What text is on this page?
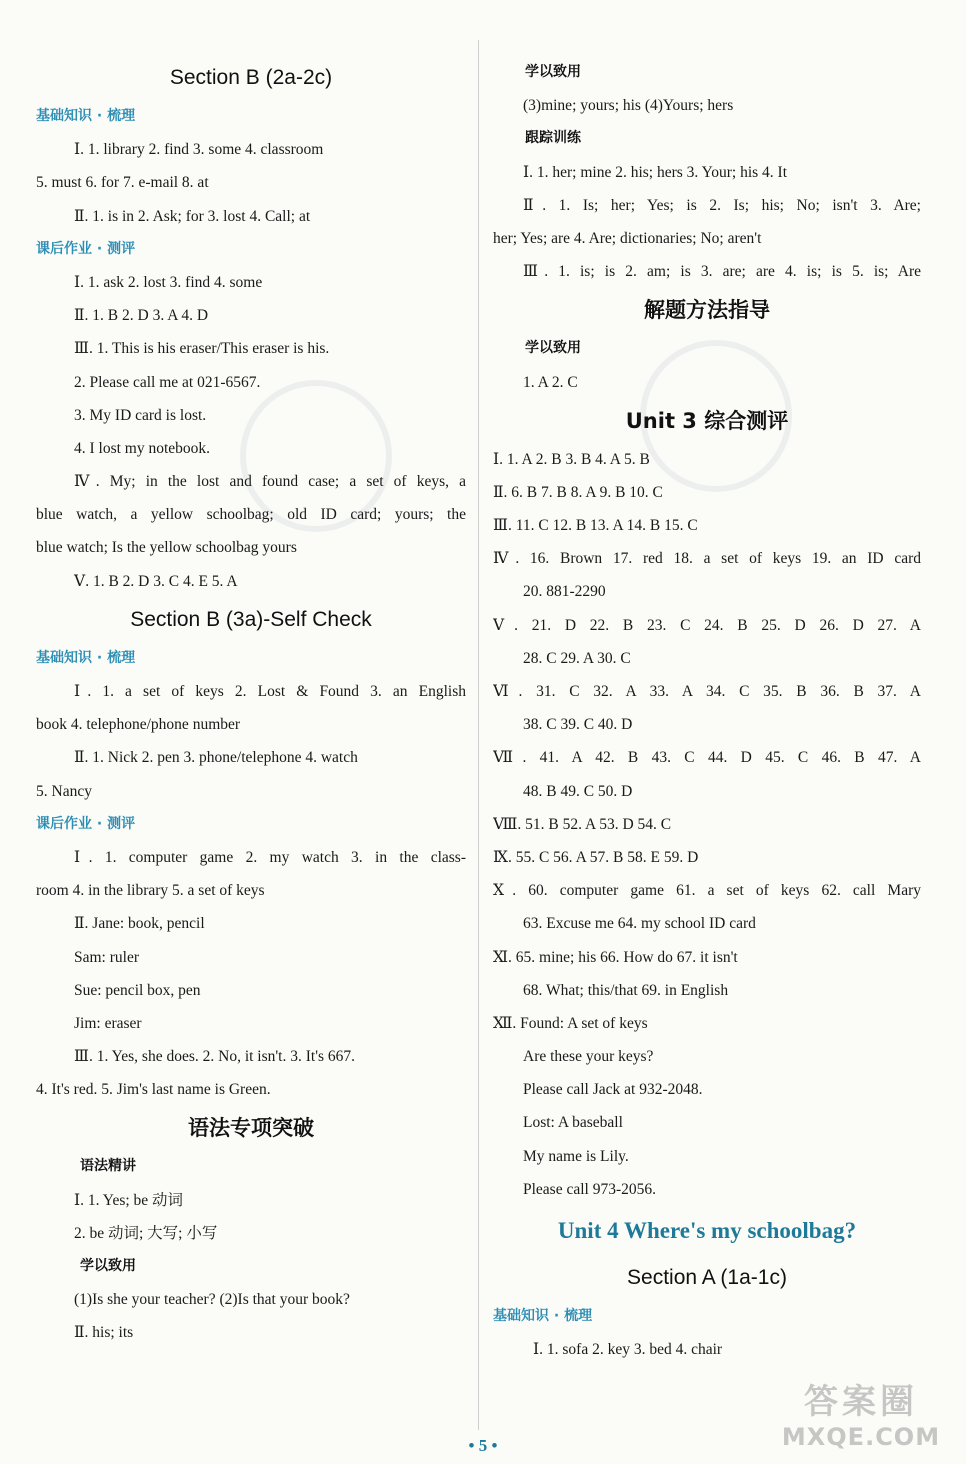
Section B (2a-2c)
基础知识 · 梳理
Ⅰ. 1. library 2. find 3. some 4. classroom
5. must 6. for 7. e-mail 8. at
Ⅱ. 1. is in 2. Ask; for 3. lost 4. Call; at
课后作业 · 测评
Ⅰ. 1. ask 2. lost 3. find 4. some
Ⅱ. 1. B 2. D 3. A 4. D
Ⅲ. 1. This is his eraser/This eraser is his.
2. Please call me at 021-6567.
3. My ID card is lost.
4. I lost my notebook.
Ⅳ. My; in the lost and found case; a set of keys, a
blue watch, a yellow schoolbag; old ID card; yours; the
blue watch; Is the yellow schoolbag yours
Ⅴ. 1. B 2. D 3. C 4. E 5. A
Section B (3a)-Self Check
基础知识 · 梳理
Ⅰ. 1. a set of keys 2. Lost & Found 3. an English
book 4. telephone/phone number
Ⅱ. 1. Nick 2. pen 3. phone/telephone 4. watch
5. Nancy
课后作业 · 测评
Ⅰ. 1. computer game 2. my watch 3. in the class-
room 4. in the library 5. a set of keys
Ⅱ. Jane: book, pencil
Sam: ruler
Sue: pencil box, pen
Jim: eraser
Ⅲ. 1. Yes, she does. 2. No, it isn't. 3. It's 667.
4. It's red. 5. Jim's last name is Green.
语法专项突破
语法精讲
Ⅰ. 1. Yes; be 动词
2. be 动词; 大写; 小写
学以致用
(1)Is she your teacher? (2)Is that your book?
Ⅱ. his; its
学以致用
(3)mine; yours; his (4)Yours; hers
跟踪训练
Ⅰ. 1. her; mine 2. his; hers 3. Your; his 4. It
Ⅱ. 1. Is; her; Yes; is 2. Is; his; No; isn't 3. Are;
her; Yes; are 4. Are; dictionaries; No; aren't
Ⅲ. 1. is; is 2. am; is 3. are; are 4. is; is 5. is; Are
解题方法指导
学以致用
1. A 2. C
Unit 3 综合测评
Ⅰ. 1. A 2. B 3. B 4. A 5. B
Ⅱ. 6. B 7. B 8. A 9. B 10. C
Ⅲ. 11. C 12. B 13. A 14. B 15. C
Ⅳ. 16. Brown 17. red 18. a set of keys 19. an ID card
20. 881-2290
Ⅴ. 21. D 22. B 23. C 24. B 25. D 26. D 27. A
28. C 29. A 30. C
Ⅵ. 31. C 32. A 33. A 34. C 35. B 36. B 37. A
38. C 39. C 40. D
Ⅶ. 41. A 42. B 43. C 44. D 45. C 46. B 47. A
48. B 49. C 50. D
Ⅷ. 51. B 52. A 53. D 54. C
Ⅸ. 55. C 56. A 57. B 58. E 59. D
Ⅹ. 60. computer game 61. a set of keys 62. call Mary
63. Excuse me 64. my school ID card
Ⅺ. 65. mine; his 66. How do 67. it isn't
68. What; this/that 69. in English
Ⅻ. Found: A set of keys
Are these your keys?
Please call Jack at 932-2048.
Lost: A baseball
My name is Lily.
Please call 973-2056.
Unit 4 Where's my schoolbag?
Section A (1a-1c)
基础知识 · 梳理
Ⅰ. 1. sofa 2. key 3. bed 4. chair
• 5 •
答案圈
MXQE.COM
